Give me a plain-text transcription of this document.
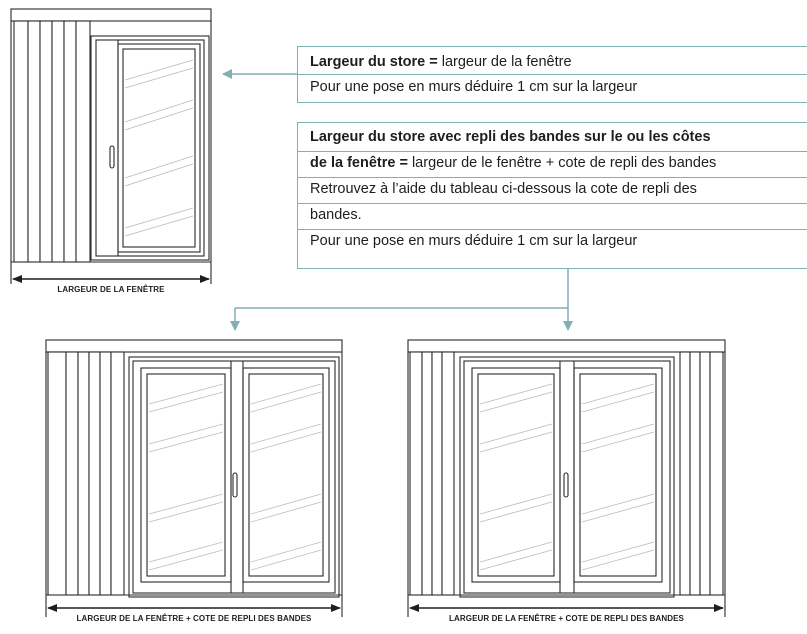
Largeur du store = largeur de la fenêtre
Pour une pose en murs déduire 1 cm sur la largeur
Largeur du store avec repli des bandes sur le ou les côtes
de la fenêtre = largeur de le fenêtre + cote de repli des bandes
Retrouvez à l’aide du tableau ci-dessous la cote de repli des
bandes.
Pour une pose en murs déduire 1 cm sur la largeur
LARGEUR DE LA FENÊTRE
LARGEUR DE LA FENÊTRE + COTE DE REPLI DES BANDES	LARGEUR DE LA FENÊTRE + COTE DE REPLI DES BANDES
